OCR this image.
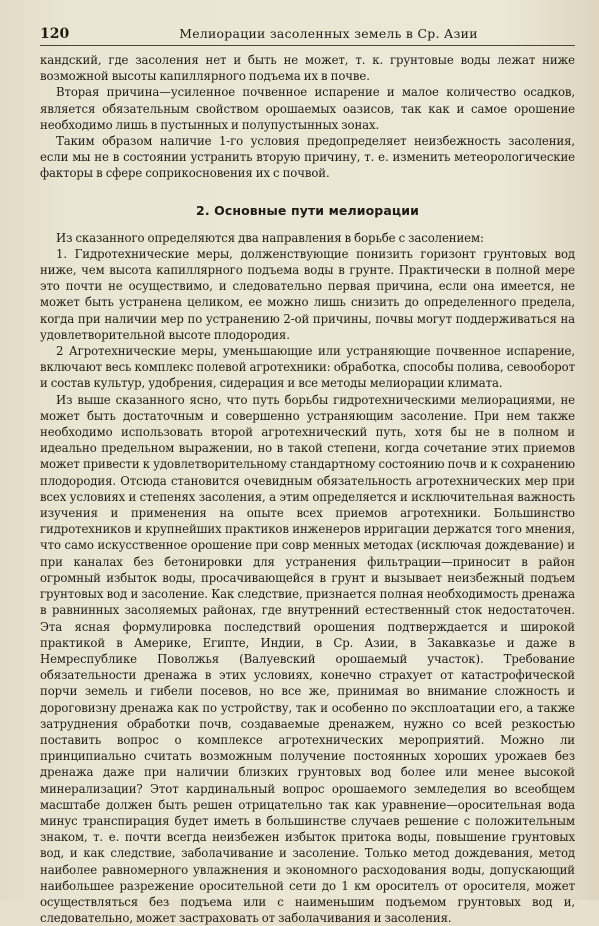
120	Мелиорации засоленных земель в Ср. Азии

кандский, где засоления нет и быть не может, т. к. грунтовые воды лежат ниже возможной высоты капиллярного подъема их в почве.

Вторая причина—усиленное почвенное испарение и малое количество осадков, является обязательным свойством орошаемых оазисов, так как и самое орошение необходимо лишь в пустынных и полупустынных зонах.

Таким образом наличие 1-го условия предопределяет неизбежность засоления, если мы не в состоянии устранить вторую причину, т. е. изменить метеорологические факторы в сфере соприкосновения их с почвой.

2. Основные пути мелиорации

Из сказанного определяются два направления в борьбе с засолением:

1. Гидротехнические меры, долженствующие понизить горизонт грунтовых вод ниже, чем высота капиллярного подъема воды в грунте. Практически в полной мере это почти не осуществимо, и следовательно первая причина, если она имеется, не может быть устранена целиком, ее можно лишь снизить до определенного предела, когда при наличии мер по устранению 2-ой причины, почвы могут поддерживаться на удовлетворительной высоте плодородия.

2 Агротехнические меры, уменьшающие или устраняющие почвенное испарение, включают весь комплекс полевой агротехники: обработка, способы полива, севооборот и состав культур, удобрения, сидерация и все методы мелиорации климата.

Из выше сказанного ясно, что путь борьбы гидротехническими мелиорациями, не может быть достаточным и совершенно устраняющим засоление. При нем также необходимо использовать второй агротехнический путь, хотя бы не в полном и идеально предельном выражении, но в такой степени, когда сочетание этих приемов может привести к удовлетворительному стандартному состоянию почв и к сохранению плодородия. Отсюда становится очевидным обязательность агротехнических мер при всех условиях и степенях засоления, а этим определяется и исключительная важность изучения и применения на опыте всех приемов агротехники. Большинство гидротехников и крупнейших практиков инженеров ирригации держатся того мнения, что само искусственное орошение при совр менных методах (исключая дождевание) и при каналах без бетонировки для устранения фильтрации—приносит в район огромный избыток воды, просачивающейся в грунт и вызывает неизбежный подъем грунтовых вод и засоление. Как следствие, признается полная необходимость дренажа в равнинных засоляемых районах, где внутренний естественный сток недостаточен. Эта ясная формулировка последствий орошения подтверждается и широкой практикой в Америке, Египте, Индии, в Ср. Азии, в Закавказье и даже в Немреспублике Поволжья (Валуевский орошаемый участок). Требование обязательности дренажа в этих условиях, конечно страхует от катастрофической порчи земель и гибели посевов, но все же, принимая во внимание сложность и дороговизну дренажа как по устройству, так и особенно по эксплоатации его, а также затруднения обработки почв, создаваемые дренажем, нужно со всей резкостью поставить вопрос о комплексе агротехнических мероприятий. Можно ли принципиально считать возможным получение постоянных хороших урожаев без дренажа даже при наличии близких грунтовых вод более или менее высокой минерализации? Этот кардинальный вопрос орошаемого земледелия во всеобщем масштабе должен быть решен отрицательно так как уравнение—оросительная вода минус транспирация будет иметь в большинстве случаев решение с положительным знаком, т. е. почти всегда неизбежен избыток притока воды, повышение грунтовых вод, и как следствие, заболачивание и засоление. Только метод дождевания, метод наиболее равномерного увлажнения и экономного расходования воды, допускающий наибольшее разрежение оросительной сети до 1 км оросителъ от оросителя, может осуществляться без подъема или с наименьшим подъемом грунтовых вод и, следовательно, может застраховать от заболачивания и засоления.
